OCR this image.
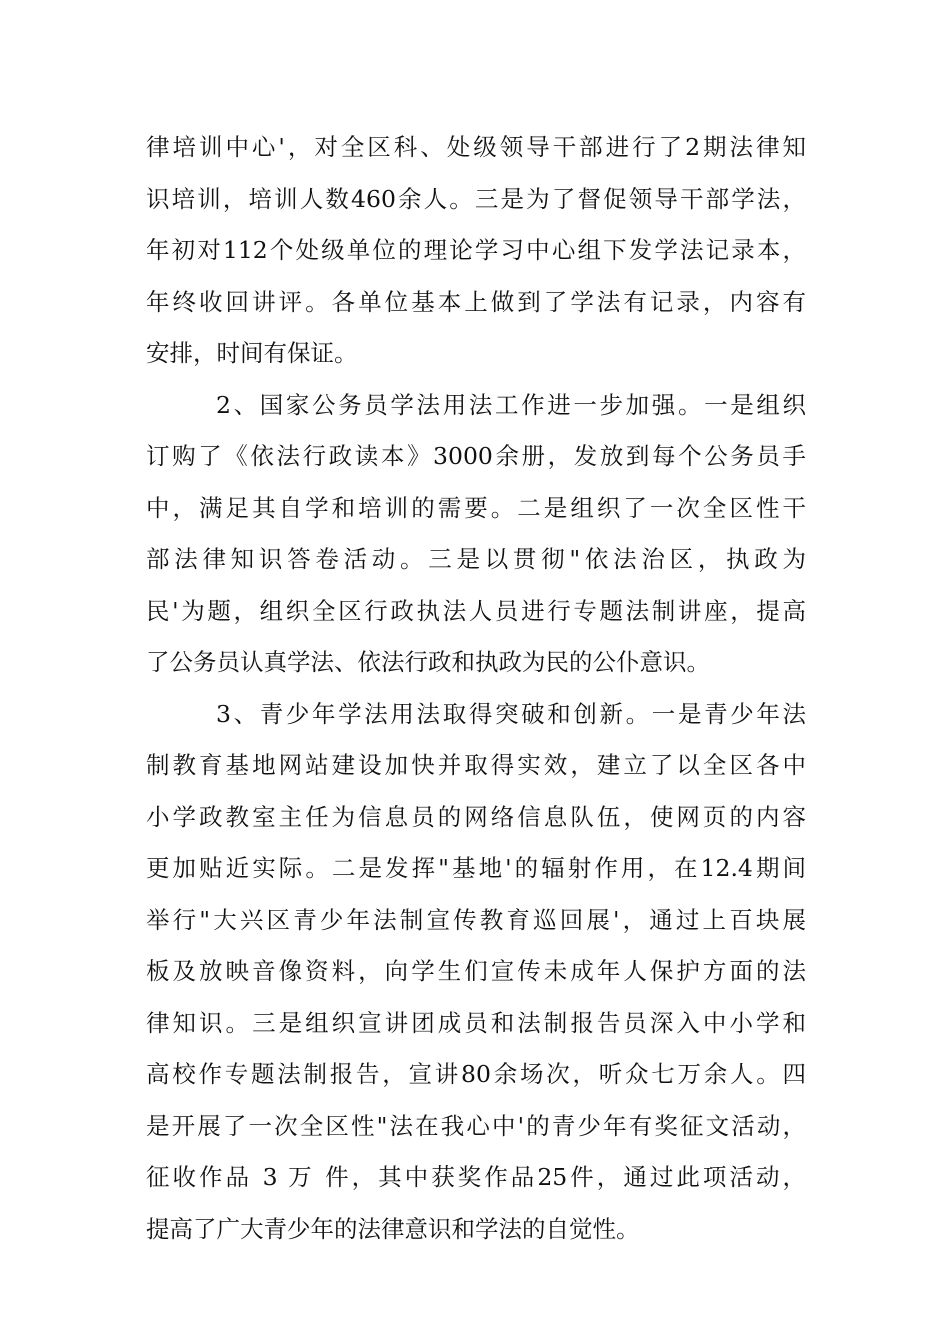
律培训中心'，对全区科、处级领导干部进行了2期法律知
识培训，培训人数460余人。三是为了督促领导干部学法，
年初对112个处级单位的理论学习中心组下发学法记录本，
年终收回讲评。各单位基本上做到了学法有记录，内容有
安排，时间有保证。
2、国家公务员学法用法工作进一步加强。一是组织
订购了《依法行政读本》3000余册，发放到每个公务员手
中，满足其自学和培训的需要。二是组织了一次全区性干
部法律知识答卷活动。三是以贯彻"依法治区，执政为
民'为题，组织全区行政执法人员进行专题法制讲座，提高
了公务员认真学法、依法行政和执政为民的公仆意识。
3、青少年学法用法取得突破和创新。一是青少年法
制教育基地网站建设加快并取得实效，建立了以全区各中
小学政教室主任为信息员的网络信息队伍，使网页的内容
更加贴近实际。二是发挥"基地'的辐射作用，在12.4期间
举行"大兴区青少年法制宣传教育巡回展'，通过上百块展
板及放映音像资料，向学生们宣传未成年人保护方面的法
律知识。三是组织宣讲团成员和法制报告员深入中小学和
高校作专题法制报告，宣讲80余场次，听众七万余人。四
是开展了一次全区性"法在我心中'的青少年有奖征文活动，
征收作品 3 万 件，其中获奖作品25件，通过此项活动，
提高了广大青少年的法律意识和学法的自觉性。
